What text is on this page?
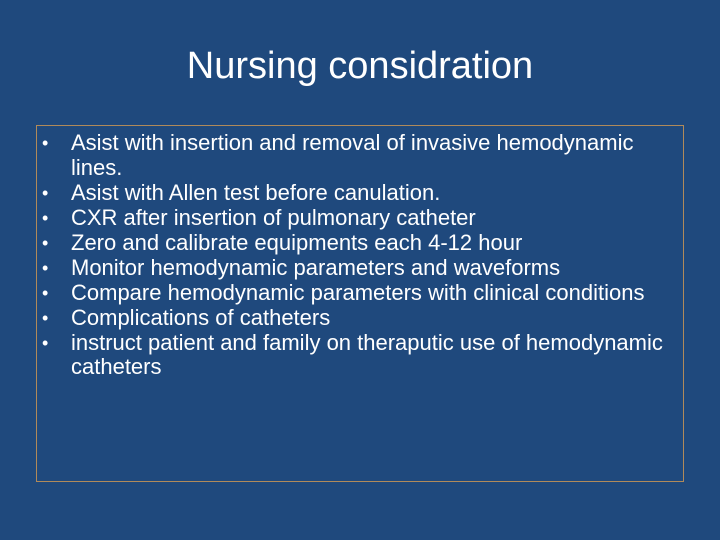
Nursing considration
• Asist with insertion and removal of invasive hemodynamic lines.
• Asist with Allen test before canulation.
• CXR after insertion of pulmonary catheter
• Zero and calibrate equipments each 4-12 hour
• Monitor hemodynamic parameters and waveforms
• Compare hemodynamic parameters with clinical conditions
• Complications of catheters
• instruct patient and family on theraputic use of hemodynamic catheters
